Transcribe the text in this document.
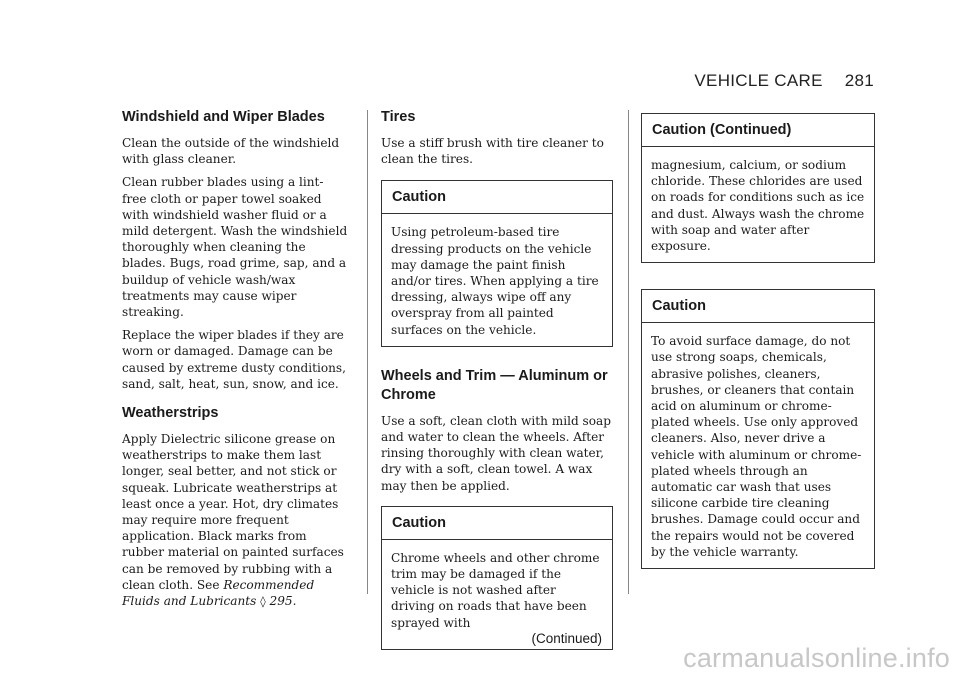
VEHICLE CARE 281
Windshield and Wiper Blades

Clean the outside of the windshield with glass cleaner.

Clean rubber blades using a lint-free cloth or paper towel soaked with windshield washer fluid or a mild detergent. Wash the windshield thoroughly when cleaning the blades. Bugs, road grime, sap, and a buildup of vehicle wash/wax treatments may cause wiper streaking.

Replace the wiper blades if they are worn or damaged. Damage can be caused by extreme dusty conditions, sand, salt, heat, sun, snow, and ice.

Weatherstrips

Apply Dielectric silicone grease on weatherstrips to make them last longer, seal better, and not stick or squeak. Lubricate weatherstrips at least once a year. Hot, dry climates may require more frequent application. Black marks from rubber material on painted surfaces can be removed by rubbing with a clean cloth. See Recommended Fluids and Lubricants ◊ 295.

Tires

Use a stiff brush with tire cleaner to clean the tires.

Caution

Using petroleum-based tire dressing products on the vehicle may damage the paint finish and/or tires. When applying a tire dressing, always wipe off any overspray from all painted surfaces on the vehicle.

Wheels and Trim — Aluminum or Chrome

Use a soft, clean cloth with mild soap and water to clean the wheels. After rinsing thoroughly with clean water, dry with a soft, clean towel. A wax may then be applied.

Caution

Chrome wheels and other chrome trim may be damaged if the vehicle is not washed after driving on roads that have been sprayed with

(Continued)
Caution (Continued)

magnesium, calcium, or sodium chloride. These chlorides are used on roads for conditions such as ice and dust. Always wash the chrome with soap and water after exposure.

Caution

To avoid surface damage, do not use strong soaps, chemicals, abrasive polishes, cleaners, brushes, or cleaners that contain acid on aluminum or chrome-plated wheels. Use only approved cleaners. Also, never drive a vehicle with aluminum or chrome-plated wheels through an automatic car wash that uses silicone carbide tire cleaning brushes. Damage could occur and the repairs would not be covered by the vehicle warranty.

carmanualsonline.info
